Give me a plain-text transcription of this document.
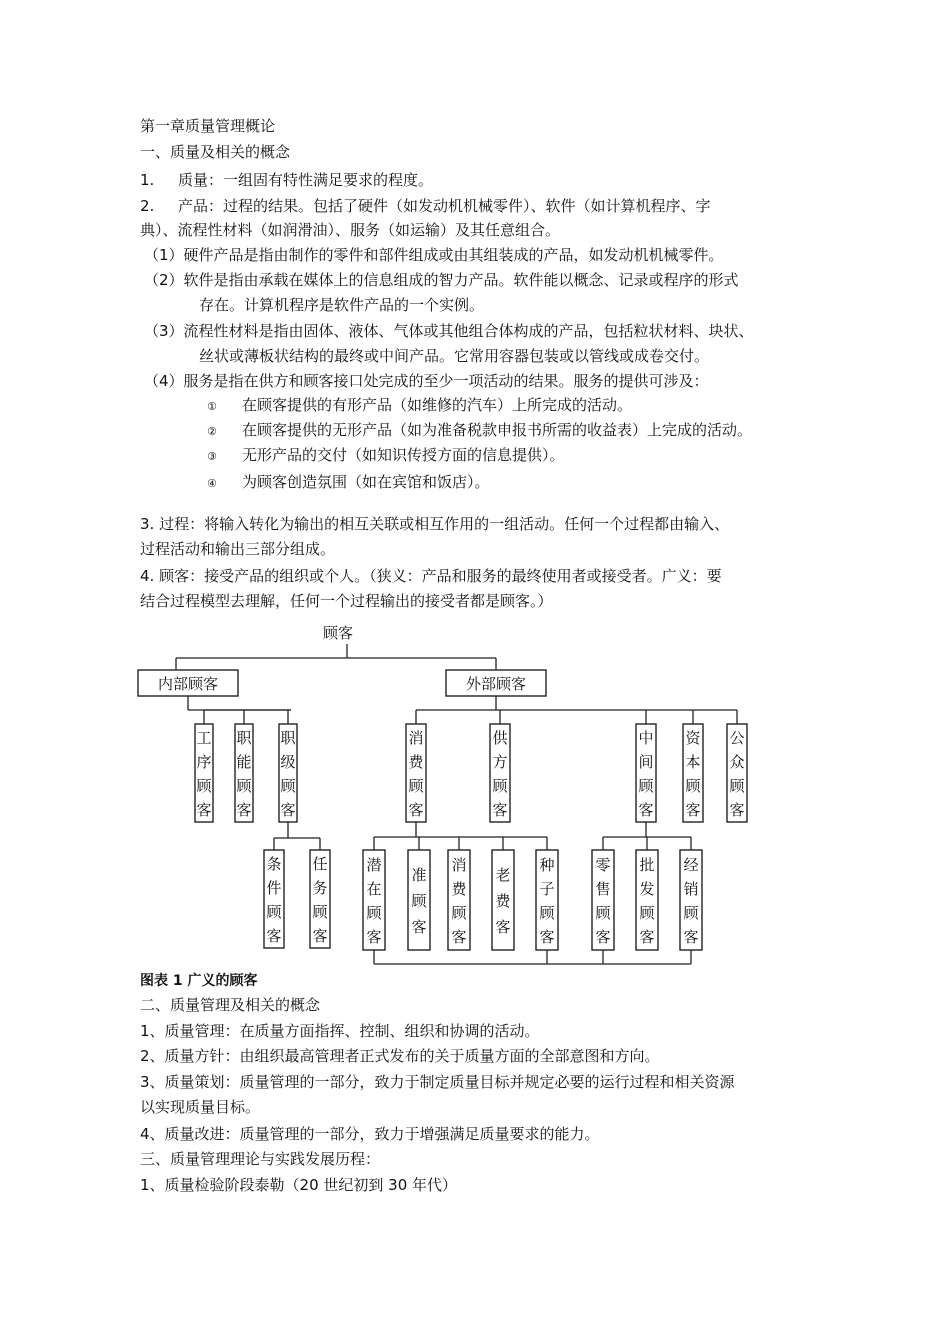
第一章质量管理概论
一、质量及相关的概念
1. 质量：一组固有特性满足要求的程度。
2. 产品：过程的结果。包括了硬件（如发动机机械零件）、软件（如计算机程序、字
典）、流程性材料（如润滑油）、服务（如运输）及其任意组合。
（1）硬件产品是指由制作的零件和部件组成或由其组装成的产品，如发动机机械零件。
（2）软件是指由承载在媒体上的信息组成的智力产品。软件能以概念、记录或程序的形式
存在。计算机程序是软件产品的一个实例。
（3）流程性材料是指由固体、液体、气体或其他组合体构成的产品，包括粒状材料、块状、
丝状或薄板状结构的最终或中间产品。它常用容器包装或以管线或成卷交付。
（4）服务是指在供方和顾客接口处完成的至少一项活动的结果。服务的提供可涉及：
① 在顾客提供的有形产品（如维修的汽车）上所完成的活动。
② 在顾客提供的无形产品（如为准备税款申报书所需的收益表）上完成的活动。
③ 无形产品的交付（如知识传授方面的信息提供）。
④ 为顾客创造氛围（如在宾馆和饭店）。
3. 过程：将输入转化为输出的相互关联或相互作用的一组活动。任何一个过程都由输入、
过程活动和输出三部分组成。
4. 顾客：接受产品的组织或个人。（狭义：产品和服务的最终使用者或接受者。广义：要
结合过程模型去理解，任何一个过程输出的接受者都是顾客。）
顾客
内部顾客	外部顾客
工
序
顾
客
职
能
顾
客
职
级
顾
客
条
件
顾
客
任
务
顾
客
消
费
顾
客
供
方
顾
客
中
间
顾
客
资
本
顾
客
公
众
顾
客
潜
在
顾
客
准
顾
客
消
费
顾
客
老
费
客
种
子
顾
客
零
售
顾
客
批
发
顾
客
经
销
顾
客
图表 1 广义的顾客
二、质量管理及相关的概念
1、质量管理：在质量方面指挥、控制、组织和协调的活动。
2、质量方针：由组织最高管理者正式发布的关于质量方面的全部意图和方向。
3、质量策划：质量管理的一部分，致力于制定质量目标并规定必要的运行过程和相关资源
以实现质量目标。
4、质量改进：质量管理的一部分，致力于增强满足质量要求的能力。
三、质量管理理论与实践发展历程：
1、质量检验阶段泰勒（20 世纪初到 30 年代）
